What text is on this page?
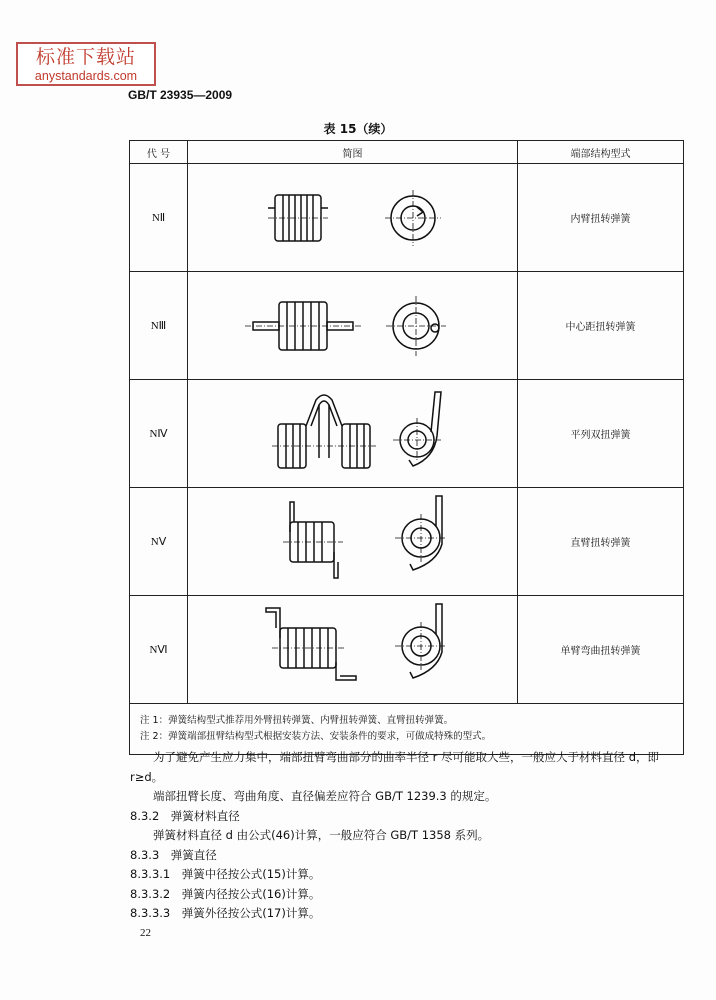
标准下载站
anystandards.com
GB/T 23935—2009
表 15（续）
代 号	简图	端部结构型式
NⅡ		内臂扭转弹簧
NⅢ		中心距扭转弹簧
NⅣ		平列双扭弹簧
NⅤ		直臂扭转弹簧
NⅥ		单臂弯曲扭转弹簧

注 1：弹簧结构型式推荐用外臂扭转弹簧、内臂扭转弹簧、直臂扭转弹簧。
注 2：弹簧端部扭臂结构型式根据安装方法、安装条件的要求，可做成特殊的型式。		

为了避免产生应力集中，端部扭臂弯曲部分的曲率半径 r 尽可能取大些，一般应大于材料直径 d，即 r≥d。

端部扭臂长度、弯曲角度、直径偏差应符合 GB/T 1239.3 的规定。

8.3.2　弹簧材料直径

弹簧材料直径 d 由公式(46)计算，一般应符合 GB/T 1358 系列。

8.3.3　弹簧直径

8.3.3.1　弹簧中径按公式(15)计算。

8.3.3.2　弹簧内径按公式(16)计算。

8.3.3.3　弹簧外径按公式(17)计算。

22
